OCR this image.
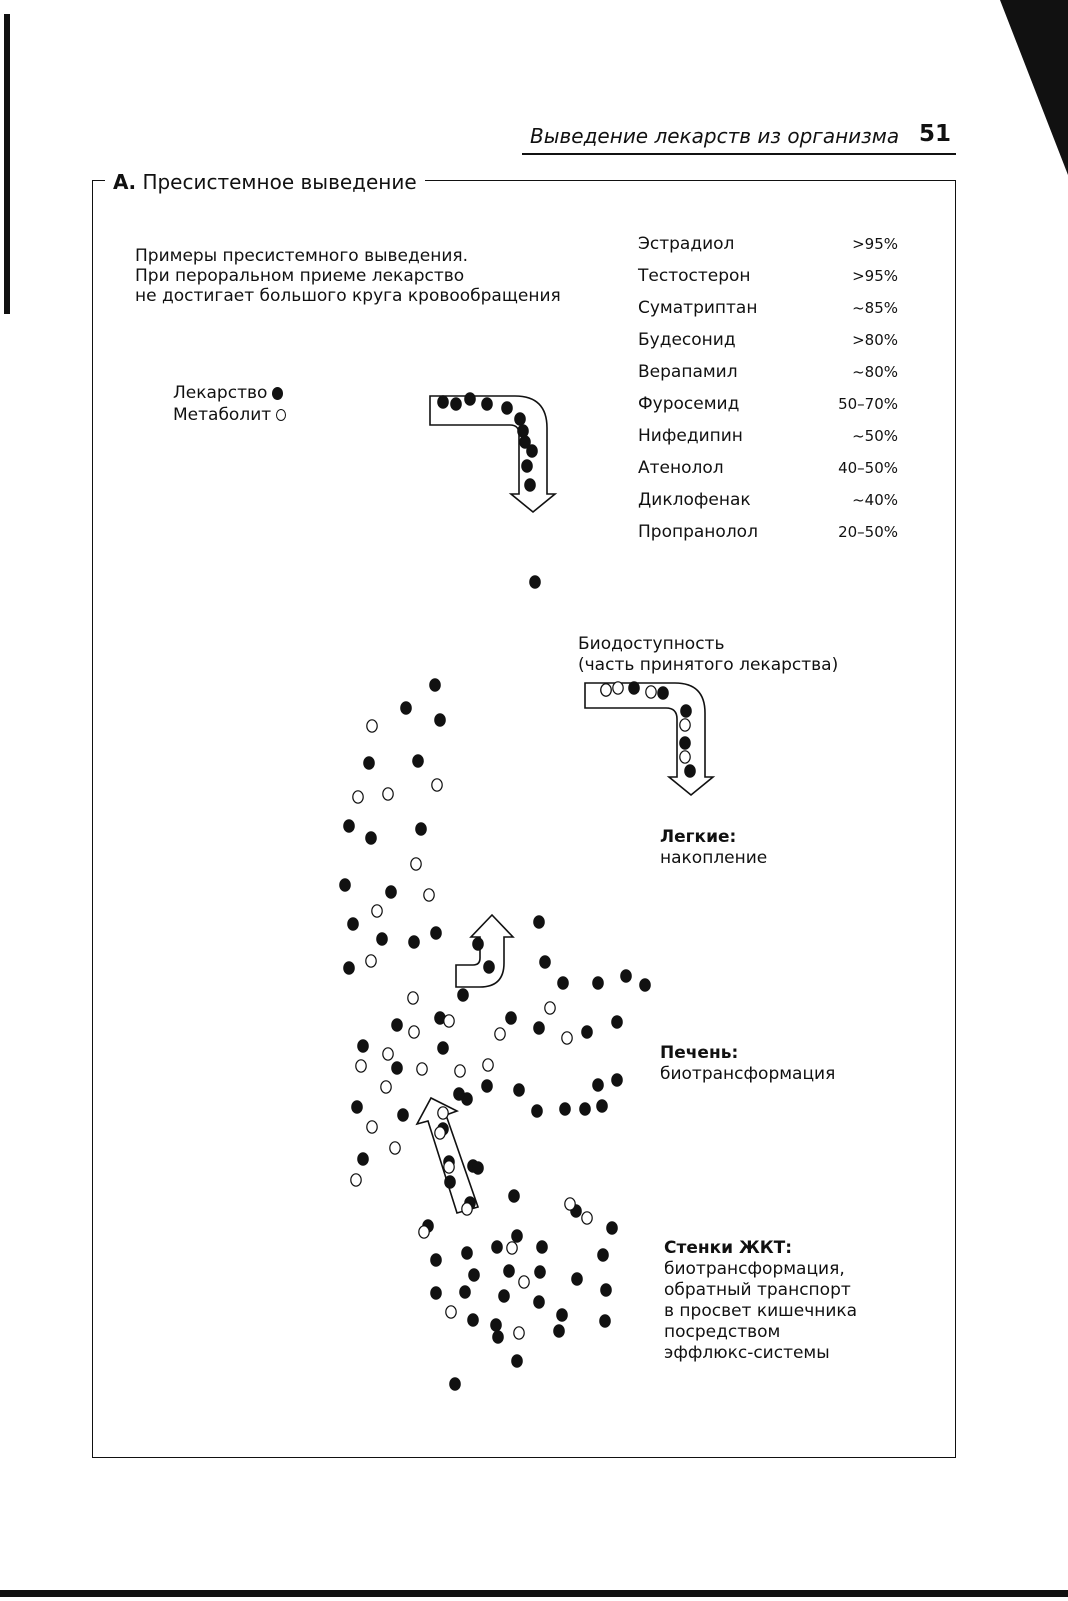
Выведение лекарств из организма 51
А. Пресистемное выведение
Примеры пресистемного выведения.
При пероральном приеме лекарство
не достигает большого круга кровообращения
Лекарство
Метаболит
Эстрадиол	>95%
Тестостерон	>95%
Суматриптан	~85%
Будесонид	>80%
Верапамил	~80%
Фуросемид	50–70%
Нифедипин	~50%
Атенолол	40–50%
Диклофенак	~40%
Пропранолол	20–50%
Биодоступность
(часть принятого лекарства)
Легкие:
накопление
Печень:
биотрансформация
Стенки ЖКТ:
биотрансформация,
обратный транспорт
в просвет кишечника
посредством
эффлюкс-системы
